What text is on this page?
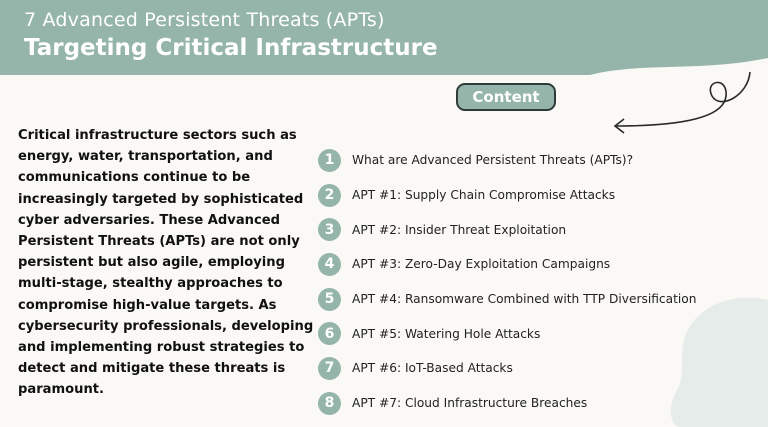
7 Advanced Persistent Threats (APTs)
Targeting Critical Infrastructure
Content
Critical infrastructure sectors such as energy, water, transportation, and communications continue to be increasingly targeted by sophisticated cyber adversaries. These Advanced Persistent Threats (APTs) are not only persistent but also agile, employing multi-stage, stealthy approaches to compromise high-value targets. As cybersecurity professionals, developing and implementing robust strategies to detect and mitigate these threats is paramount.
1	What are Advanced Persistent Threats (APTs)?
2	APT #1: Supply Chain Compromise Attacks
3	APT #2: Insider Threat Exploitation
4	APT #3: Zero-Day Exploitation Campaigns
5	APT #4: Ransomware Combined with TTP Diversification
6	APT #5: Watering Hole Attacks
7	APT #6: IoT-Based Attacks
8	APT #7: Cloud Infrastructure Breaches
